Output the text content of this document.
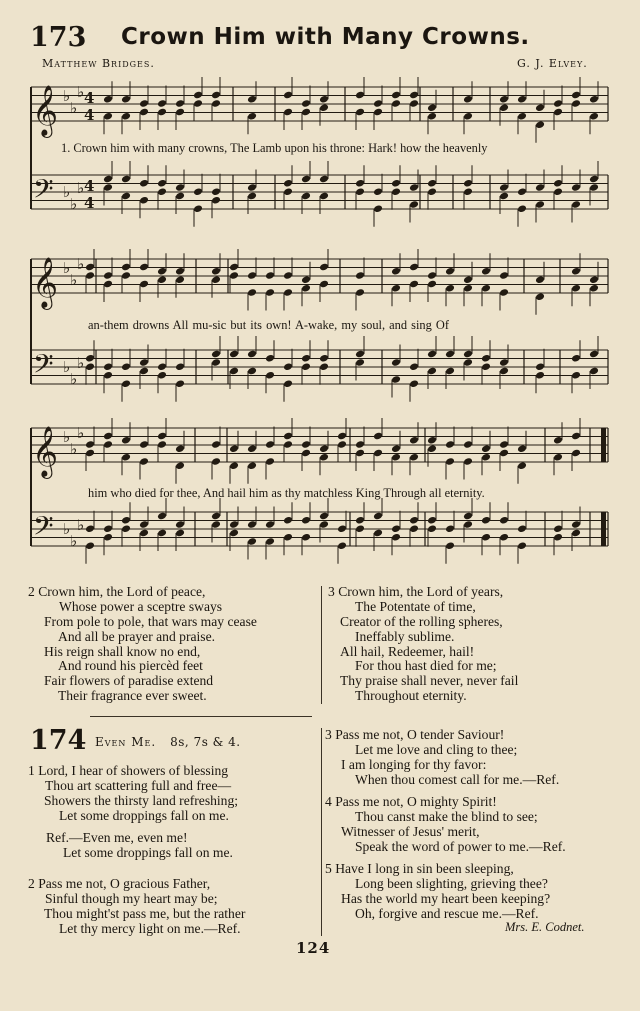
173 Crown Him with Many Crowns.
Matthew Bridges.	G. J. Elvey.
𝄞 ♭
♭
♭ 4
4
𝄢 ♭
♭
♭ 4
4
𝄞 ♭
♭
♭
𝄢 ♭
♭
♭
𝄞 ♭
♭
♭
𝄢 ♭
♭
♭
1. Crown him with many crowns, The Lamb upon his throne: Hark! how the heavenly
an-them drowns All mu-sic but its own! A-wake, my soul, and sing Of
him who died for thee, And hail him as thy matchless King Through all eternity.
2 Crown him, the Lord of peace,
Whose power a sceptre sways
From pole to pole, that wars may cease
And all be prayer and praise.
His reign shall know no end,
And round his piercèd feet
Fair flowers of paradise extend
Their fragrance ever sweet.
3 Crown him, the Lord of years,
The Potentate of time,
Creator of the rolling spheres,
Ineffably sublime.
All hail, Redeemer, hail!
For thou hast died for me;
Thy praise shall never, never fail
Throughout eternity.
174 Even Me. 8s, 7s & 4.
1 Lord, I hear of showers of blessing
Thou art scattering full and free—
Showers the thirsty land refreshing;
Let some droppings fall on me.
Ref.—Even me, even me!
Let some droppings fall on me.
2 Pass me not, O gracious Father,
Sinful though my heart may be;
Thou might'st pass me, but the rather
Let thy mercy light on me.—Ref.
3 Pass me not, O tender Saviour!
Let me love and cling to thee;
I am longing for thy favor:
When thou comest call for me.—Ref.
4 Pass me not, O mighty Spirit!
Thou canst make the blind to see;
Witnesser of Jesus' merit,
Speak the word of power to me.—Ref.
5 Have I long in sin been sleeping,
Long been slighting, grieving thee?
Has the world my heart been keeping?
Oh, forgive and rescue me.—Ref.
Mrs. E. Codnet.
124
